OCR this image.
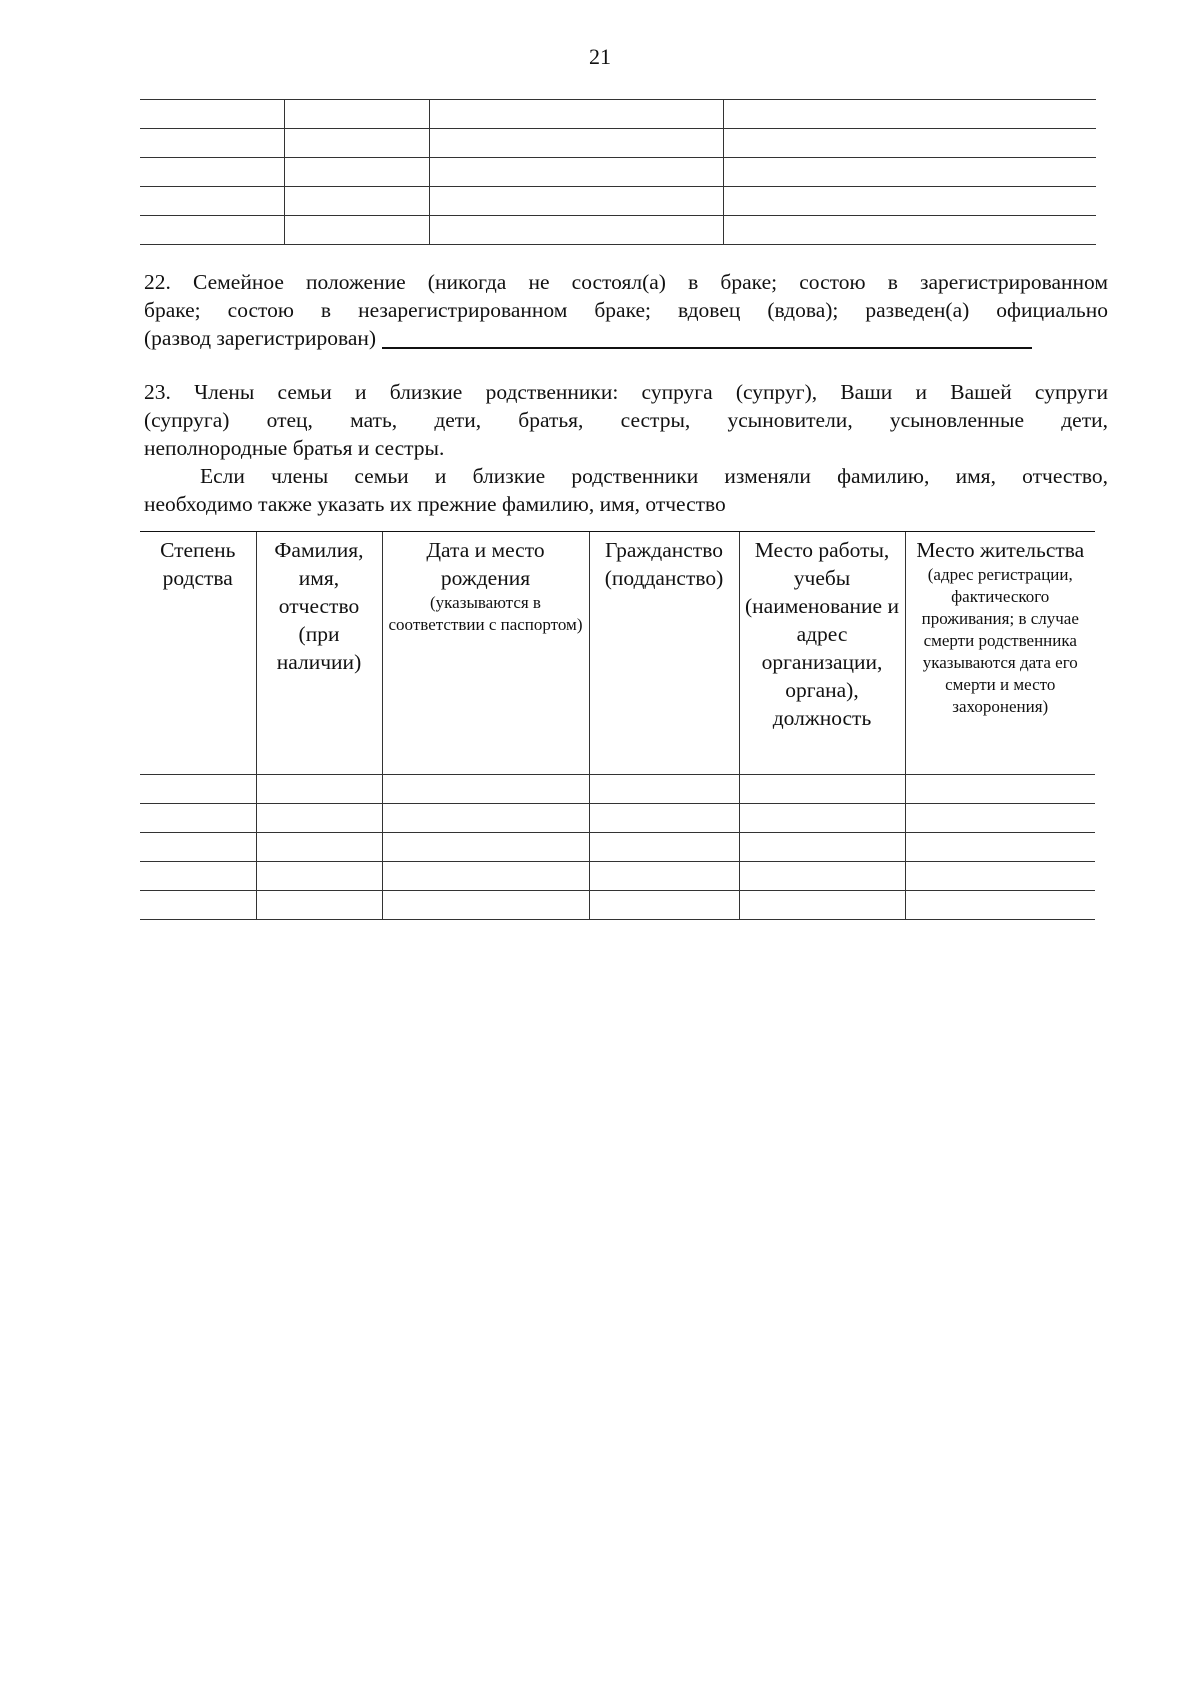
21

22. Семейное положение (никогда не состоял(а) в браке; состою в зарегистрированном
браке; состою в незарегистрированном браке; вдовец (вдова); разведен(а) официально
(развод зарегистрирован)
23. Члены семьи и близкие родственники: супруга (супруг), Ваши и Вашей супруги
(супруга) отец, мать, дети, братья, сестры, усыновители, усыновленные дети,
неполнородные братья и сестры.
Если члены семьи и близкие родственники изменяли фамилию, имя, отчество,
необходимо также указать их прежние фамилию, имя, отчество
Степень родства	Фамилия, имя, отчество (при наличии)	Дата и место рождения
(указываются в соответствии с паспортом)	Гражданство (подданство)	Место работы, учебы (наименование и адрес организации, органа), должность	Место жительства
(адрес регистрации, фактического проживания; в случае смерти родственника указываются дата его смерти и место захоронения)
